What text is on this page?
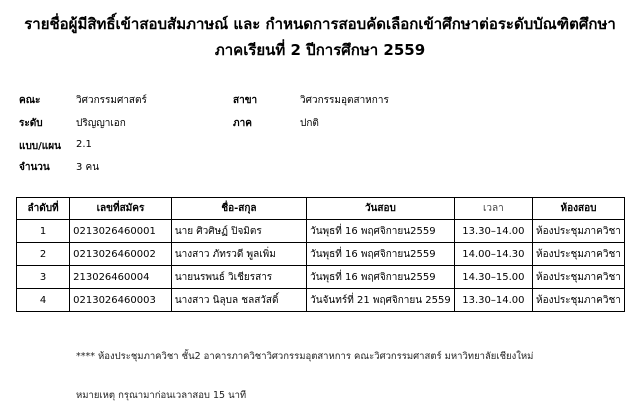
รายชื่อผู้มีสิทธิ์เข้าสอบสัมภาษณ์ และ กำหนดการสอบคัดเลือกเข้าศึกษาต่อระดับบัณฑิตศึกษา
ภาคเรียนที่ 2 ปีการศึกษา 2559
คณะ	วิศวกรรมศาสตร์	สาขา	วิศวกรรมอุตสาหการ
ระดับ	ปริญญาเอก	ภาค	ปกติ
แบบ/แผน 2.1
จำนวน	3 คน
ลำดับที่	เลขที่สมัคร	ชื่อ-สกุล	วันสอบ	เวลา	ห้องสอบ
1	0213026460001	นาย ศิวศิษฏ์ ปิจมิตร	วันพุธที่ 16 พฤศจิกายน2559	13.30–14.00	ห้องประชุมภาควิชา
2	0213026460002	นางสาว ภัทรวดี พูลเพิ่ม	วันพุธที่ 16 พฤศจิกายน2559	14.00–14.30	ห้องประชุมภาควิชา
3	213026460004	นายนรพนธ์ วิเชียรสาร	วันพุธที่ 16 พฤศจิกายน2559	14.30–15.00	ห้องประชุมภาควิชา
4	0213026460003	นางสาว นิลุบล ชลสวัสดิ์	วันจันทร์ที่ 21 พฤศจิกายน 2559	13.30–14.00	ห้องประชุมภาควิชา
**** ห้องประชุมภาควิชา ชั้น2 อาคารภาควิชาวิศวกรรมอุตสาหการ คณะวิศวกรรมศาสตร์ มหาวิทยาลัยเชียงใหม่
หมายเหตุ กรุณามาก่อนเวลาสอบ 15 นาที
